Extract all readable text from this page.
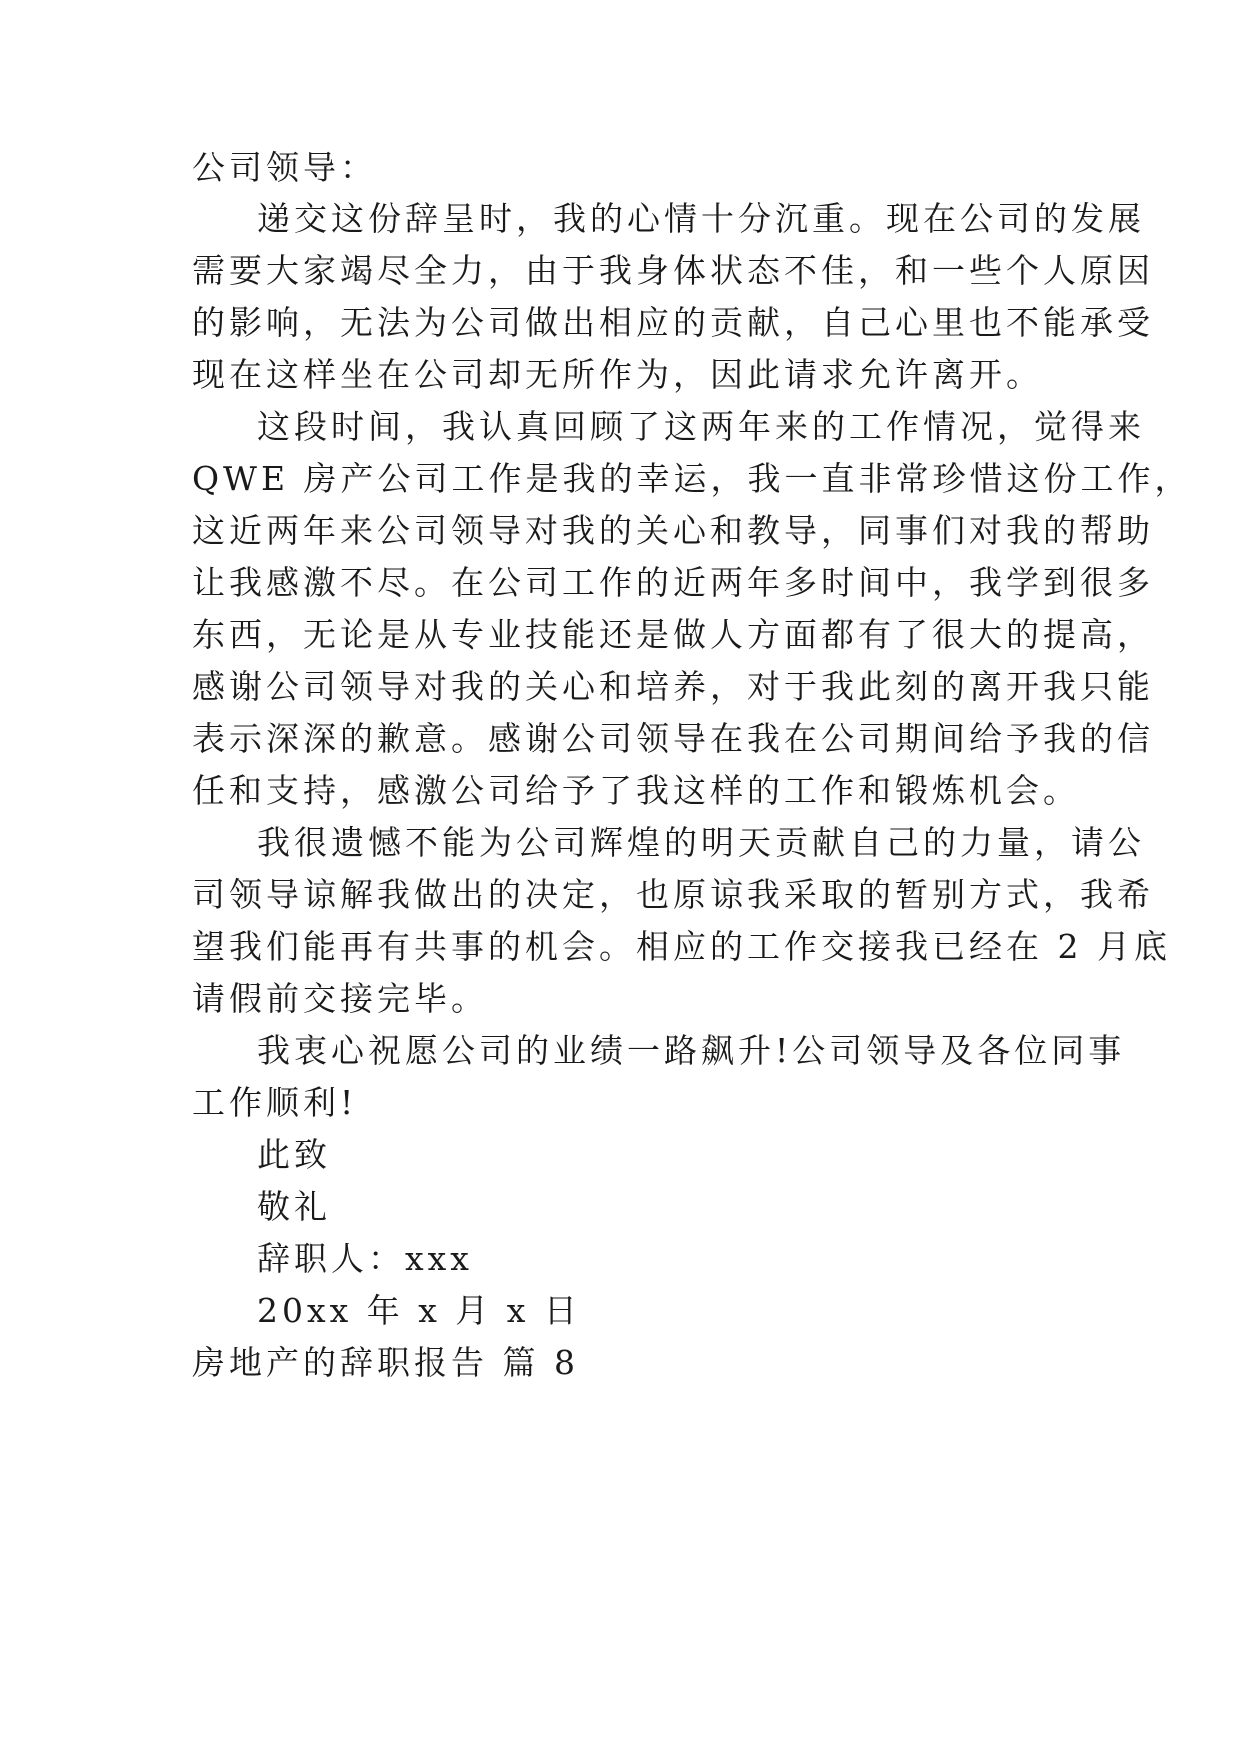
公司领导：
递交这份辞呈时，我的心情十分沉重。现在公司的发展
需要大家竭尽全力，由于我身体状态不佳，和一些个人原因
的影响，无法为公司做出相应的贡献，自己心里也不能承受
现在这样坐在公司却无所作为，因此请求允许离开。
这段时间，我认真回顾了这两年来的工作情况，觉得来
QWE 房产公司工作是我的幸运，我一直非常珍惜这份工作，
这近两年来公司领导对我的关心和教导，同事们对我的帮助
让我感激不尽。在公司工作的近两年多时间中，我学到很多
东西，无论是从专业技能还是做人方面都有了很大的提高，
感谢公司领导对我的关心和培养，对于我此刻的离开我只能
表示深深的歉意。感谢公司领导在我在公司期间给予我的信
任和支持，感激公司给予了我这样的工作和锻炼机会。
我很遗憾不能为公司辉煌的明天贡献自己的力量，请公
司领导谅解我做出的决定，也原谅我采取的暂别方式，我希
望我们能再有共事的机会。相应的工作交接我已经在 2 月底
请假前交接完毕。
我衷心祝愿公司的业绩一路飙升!公司领导及各位同事
工作顺利!
此致
敬礼
辞职人：xxx
20xx 年 x 月 x 日
房地产的辞职报告 篇 8
